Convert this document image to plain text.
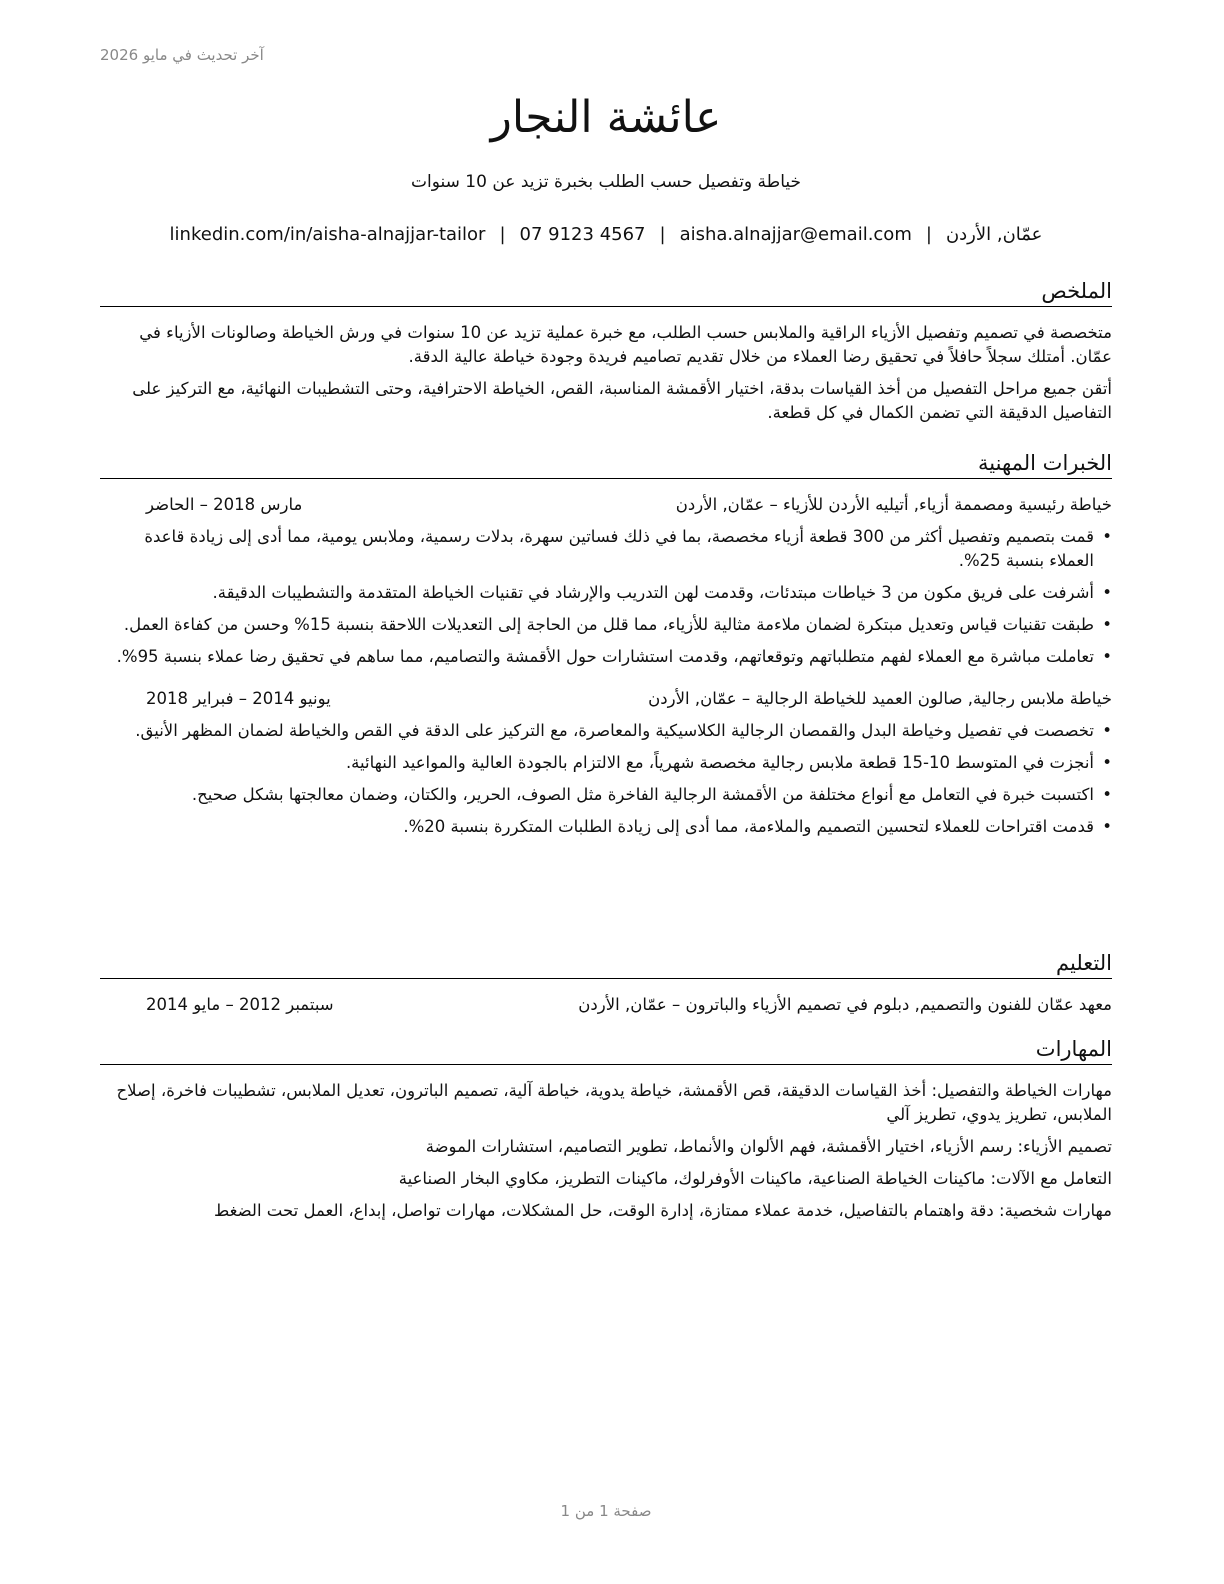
آخر تحديث في مايو 2026
عائشة النجار
خياطة وتفصيل حسب الطلب بخبرة تزيد عن 10 سنوات
عمّان, الأردن|aisha.alnajjar@email.com|07 9123 4567|linkedin.com/in/aisha-alnajjar-tailor
الملخص

متخصصة في تصميم وتفصيل الأزياء الراقية والملابس حسب الطلب، مع خبرة عملية تزيد عن 10 سنوات في ورش الخياطة وصالونات الأزياء في عمّان. أمتلك سجلاً حافلاً في تحقيق رضا العملاء من خلال تقديم تصاميم فريدة وجودة خياطة عالية الدقة.

أتقن جميع مراحل التفصيل من أخذ القياسات بدقة، اختيار الأقمشة المناسبة، القص، الخياطة الاحترافية، وحتى التشطيبات النهائية، مع التركيز على التفاصيل الدقيقة التي تضمن الكمال في كل قطعة.

الخبرات المهنية
خياطة رئيسية ومصممة أزياء, أتيليه الأردن للأزياء – عمّان, الأردن
مارس 2018 – الحاضر
• قمت بتصميم وتفصيل أكثر من 300 قطعة أزياء مخصصة، بما في ذلك فساتين سهرة، بدلات رسمية، وملابس يومية، مما أدى إلى زيادة قاعدة العملاء بنسبة 25%.
• أشرفت على فريق مكون من 3 خياطات مبتدئات، وقدمت لهن التدريب والإرشاد في تقنيات الخياطة المتقدمة والتشطيبات الدقيقة.
• طبقت تقنيات قياس وتعديل مبتكرة لضمان ملاءمة مثالية للأزياء، مما قلل من الحاجة إلى التعديلات اللاحقة بنسبة 15% وحسن من كفاءة العمل.
• تعاملت مباشرة مع العملاء لفهم متطلباتهم وتوقعاتهم، وقدمت استشارات حول الأقمشة والتصاميم، مما ساهم في تحقيق رضا عملاء بنسبة 95%.
خياطة ملابس رجالية, صالون العميد للخياطة الرجالية – عمّان, الأردن
يونيو 2014 – فبراير 2018
• تخصصت في تفصيل وخياطة البدل والقمصان الرجالية الكلاسيكية والمعاصرة، مع التركيز على الدقة في القص والخياطة لضمان المظهر الأنيق.
• أنجزت في المتوسط 10-15 قطعة ملابس رجالية مخصصة شهرياً، مع الالتزام بالجودة العالية والمواعيد النهائية.
• اكتسبت خبرة في التعامل مع أنواع مختلفة من الأقمشة الرجالية الفاخرة مثل الصوف، الحرير، والكتان، وضمان معالجتها بشكل صحيح.
• قدمت اقتراحات للعملاء لتحسين التصميم والملاءمة، مما أدى إلى زيادة الطلبات المتكررة بنسبة 20%.
التعليم
معهد عمّان للفنون والتصميم, دبلوم في تصميم الأزياء والباترون – عمّان, الأردن
سبتمبر 2012 – مايو 2014
المهارات

مهارات الخياطة والتفصيل: أخذ القياسات الدقيقة، قص الأقمشة، خياطة يدوية، خياطة آلية، تصميم الباترون، تعديل الملابس، تشطيبات فاخرة، إصلاح الملابس، تطريز يدوي، تطريز آلي

تصميم الأزياء: رسم الأزياء، اختيار الأقمشة، فهم الألوان والأنماط، تطوير التصاميم، استشارات الموضة

التعامل مع الآلات: ماكينات الخياطة الصناعية، ماكينات الأوفرلوك، ماكينات التطريز، مكاوي البخار الصناعية

مهارات شخصية: دقة واهتمام بالتفاصيل، خدمة عملاء ممتازة، إدارة الوقت، حل المشكلات، مهارات تواصل، إبداع، العمل تحت الضغط

صفحة 1 من 1
